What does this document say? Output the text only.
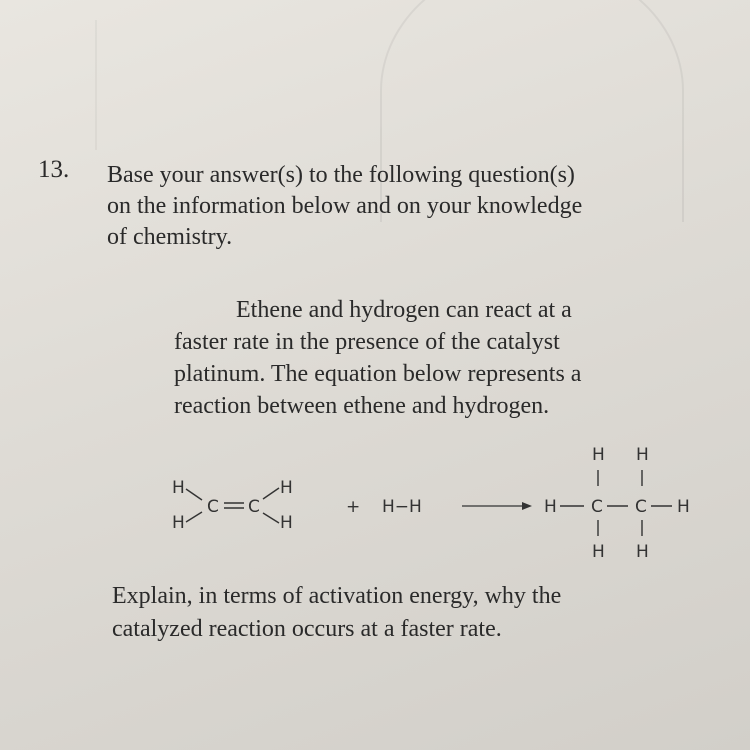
13. Base your answer(s) to the following question(s)
on the information below and on your knowledge
of chemistry.
Ethene and hydrogen can react at a
faster rate in the presence of the catalyst
platinum. The equation below represents a
reaction between ethene and hydrogen.
H
H
C C
H
H
+ H−H
H H
H C C H
H H
Explain, in terms of activation energy, why the
catalyzed reaction occurs at a faster rate.
